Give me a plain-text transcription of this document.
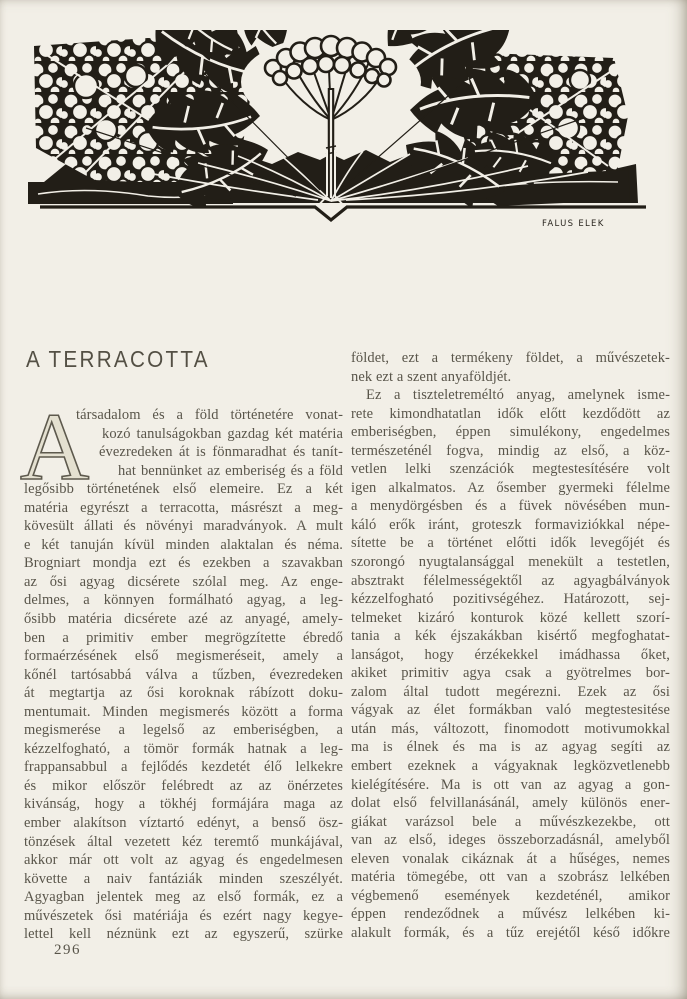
FALUS ELEK
A TERRACOTTA
A
társadalom és a föld történetére vonat-
kozó tanulságokban gazdag két matéria
évezredeken át is fönmaradhat és tanít-
hat bennünket az emberiség és a föld
legősibb történetének első elemeire. Ez a két
matéria egyrészt a terracotta, másrészt a meg-
kövesült állati és növényi maradványok. A mult
e két tanuján kívül minden alaktalan és néma.
Brogniart mondja ezt és ezekben a szavakban
az ősi agyag dicsérete szólal meg. Az enge-
delmes, a könnyen formálható agyag, a leg-
ősibb matéria dicsérete azé az anyagé, amely-
ben a primitiv ember megrögzítette ébredő
formaérzésének első megismeréseit, amely a
kőnél tartósabbá válva a tűzben, évezredeken
át megtartja az ősi koroknak rábízott doku-
mentumait. Minden megismerés között a forma
megismerése a legelső az emberiségben, a
kézzelfogható, a tömör formák hatnak a leg-
frappansabbul a fejlődés kezdetét élő lelkekre
és mikor először felébredt az az önérzetes
kivánság, hogy a tökhéj formájára maga az
ember alakítson víztartó edényt, a benső ösz-
tönzések által vezetett kéz teremtő munkájával,
akkor már ott volt az agyag és engedelmesen
követte a naiv fantáziák minden szeszélyét.
Agyagban jelentek meg az első formák, ez a
művészetek ősi matériája és ezért nagy kegye-
lettel kell néznünk ezt az egyszerű, szürke
földet, ezt a termékeny földet, a művészetek-
nek ezt a szent anyaföldjét.
Ez a tiszteletreméltó anyag, amelynek isme-
rete kimondhatatlan idők előtt kezdődött az
emberiségben, éppen simulékony, engedelmes
természeténél fogva, mindig az első, a köz-
vetlen lelki szenzációk megtestesítésére volt
igen alkalmatos. Az ősember gyermeki félelme
a menydörgésben és a füvek növésében mun-
káló erők iránt, groteszk formaviziókkal népe-
sítette be a történet előtti idők levegőjét és
szorongó nyugtalansággal menekült a testetlen,
absztrakt félelmességektől az agyagbálványok
kézzelfogható pozitivségéhez. Határozott, sej-
telmeket kizáró konturok közé kellett szorí-
tania a kék éjszakákban kisértő megfoghatat-
lanságot, hogy érzékekkel imádhassa őket,
akiket primitiv agya csak a gyötrelmes bor-
zalom által tudott megérezni. Ezek az ősi
vágyak az élet formákban való megtestesitése
után más, változott, finomodott motivumokkal
ma is élnek és ma is az agyag segíti az
embert ezeknek a vágyaknak legközvetlenebb
kielégítésére. Ma is ott van az agyag a gon-
dolat első felvillanásánál, amely különös ener-
giákat varázsol bele a művészkezekbe, ott
van az első, ideges összeborzadásnál, amelyből
eleven vonalak cikáznak át a hűséges, nemes
matéria tömegébe, ott van a szobrász lelkében
végbemenő események kezdeténél, amikor
éppen rendeződnek a művész lelkében ki-
alakult formák, és a tűz erejétől késő időkre
296
